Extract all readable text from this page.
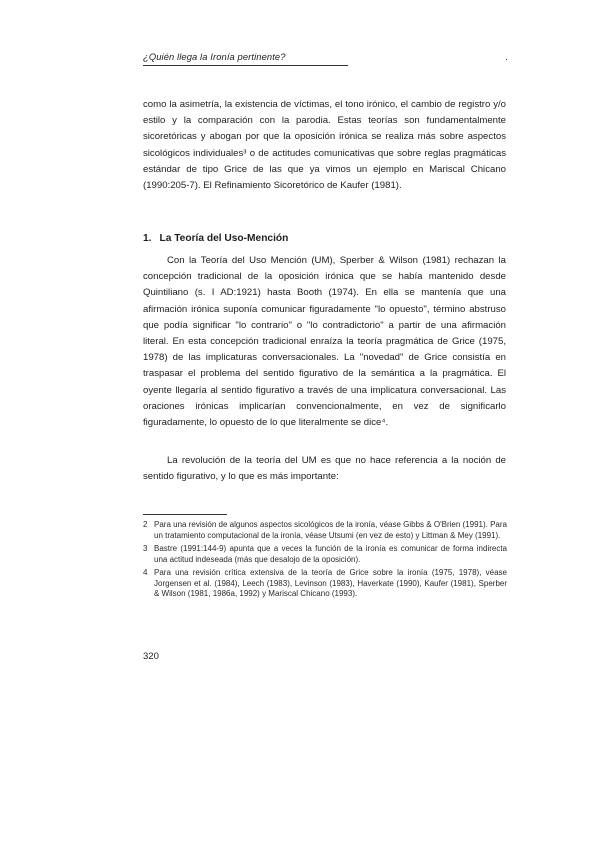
¿Quién llega la Ironía pertinente?	·

como la asimetría, la existencia de víctimas, el tono irónico, el cambio de registro y/o estilo y la comparación con la parodia. Estas teorías son fundamentalmente sicoretóricas y abogan por que la oposición irónica se realiza más sobre aspectos sicológicos individuales³ o de actitudes comunicativas que sobre reglas pragmáticas estándar de tipo Grice de las que ya vimos un ejemplo en Mariscal Chicano (1990:205-7). El Refinamiento Sicoretórico de Kaufer (1981).

1. La Teoría del Uso-Mención

Con la Teoría del Uso Mención (UM), Sperber & Wilson (1981) rechazan la concepción tradicional de la oposición irónica que se había mantenido desde Quintiliano (s. I AD:1921) hasta Booth (1974). En ella se mantenía que una afirmación irónica suponía comunicar figuradamente "lo opuesto", término abstruso que podía significar "lo contrario" o "lo contradictorio" a partir de una afirmación literal. En esta concepción tradicional enraíza la teoría pragmática de Grice (1975, 1978) de las implicaturas conversacionales. La "novedad" de Grice consistía en traspasar el problema del sentido figurativo de la semántica a la pragmática. El oyente llegaría al sentido figurativo a través de una implicatura conversacional. Las oraciones irónicas implicarían convencionalmente, en vez de significarlo figuradamente, lo opuesto de lo que literalmente se dice⁴.

La revolución de la teoría del UM es que no hace referencia a la noción de sentido figurativo, y lo que es más importante:

2 Para una revisión de algunos aspectos sicológicos de la ironía, véase Gibbs & O'Brien (1991). Para un tratamiento computacional de la ironía, véase Utsumi (en vez de esto) y Littman & Mey (1991).
3 Bastre (1991:144-9) apunta que a veces la función de la ironía es comunicar de forma indirecta una actitud indeseada (más que desalojo de la oposición).
4 Para una revisión crítica extensiva de la teoría de Grice sobre la ironía (1975, 1978), véase Jorgensen et al. (1984), Leech (1983), Levinson (1983), Haverkate (1990), Kaufer (1981), Sperber & Wilson (1981, 1986a, 1992) y Mariscal Chicano (1993).
320
